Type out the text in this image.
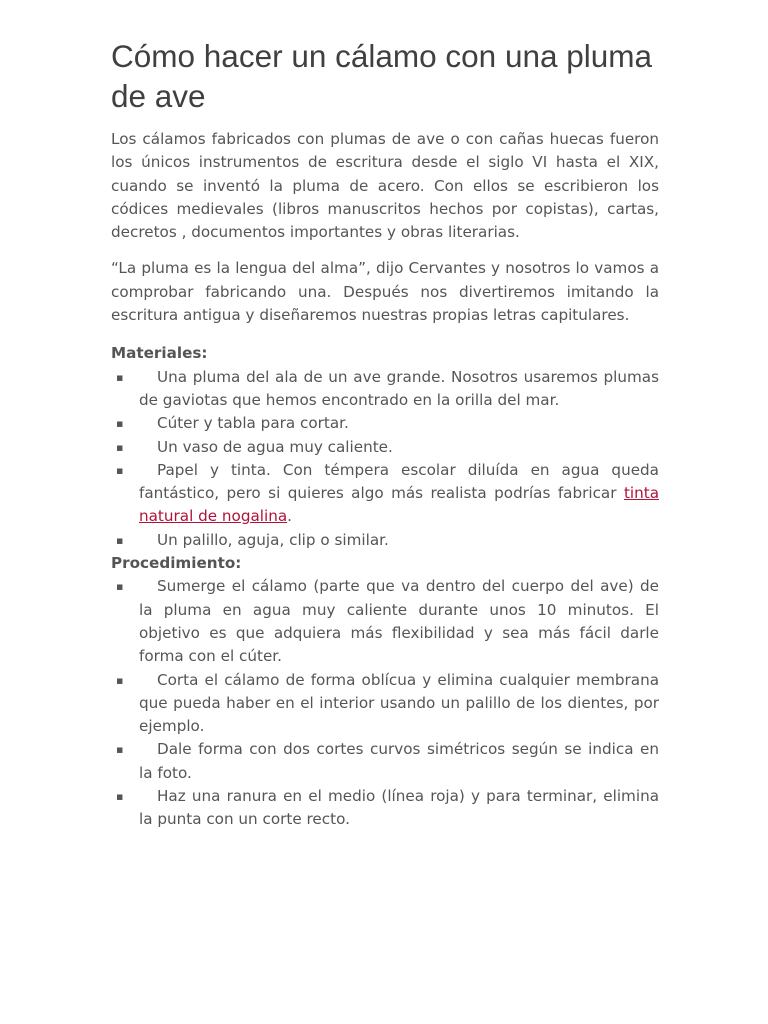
Cómo hacer un cálamo con una pluma de ave

Los cálamos fabricados con plumas de ave o con cañas huecas fueron los únicos instrumentos de escritura desde el siglo VI hasta el XIX, cuando se inventó la pluma de acero. Con ellos se escribieron los códices medievales (libros manuscritos hechos por copistas), cartas, decretos , documentos importantes y obras literarias.

“La pluma es la lengua del alma”, dijo Cervantes y nosotros lo vamos a comprobar fabricando una. Después nos divertiremos imitando la escritura antigua y diseñaremos nuestras propias letras capitulares.

Materiales:

▪ Una pluma del ala de un ave grande. Nosotros usaremos plumas de gaviotas que hemos encontrado en la orilla del mar.
▪ Cúter y tabla para cortar.
▪ Un vaso de agua muy caliente.
▪ Papel y tinta. Con témpera escolar diluída en agua queda fantástico, pero si quieres algo más realista podrías fabricar tinta natural de nogalina.
▪ Un palillo, aguja, clip o similar.

Procedimiento:

▪ Sumerge el cálamo (parte que va dentro del cuerpo del ave) de la pluma en agua muy caliente durante unos 10 minutos. El objetivo es que adquiera más flexibilidad y sea más fácil darle forma con el cúter.
▪ Corta el cálamo de forma oblícua y elimina cualquier membrana que pueda haber en el interior usando un palillo de los dientes, por ejemplo.
▪ Dale forma con dos cortes curvos simétricos según se indica en la foto.
▪ Haz una ranura en el medio (línea roja) y para terminar, elimina la punta con un corte recto.
